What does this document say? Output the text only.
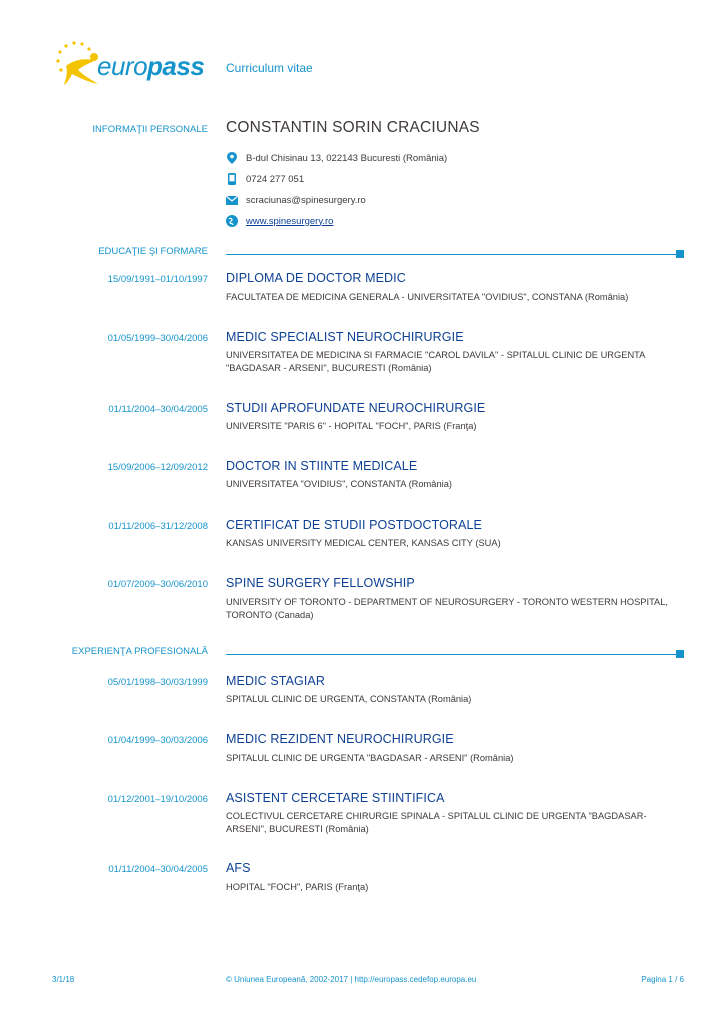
europass Curriculum vitae
INFORMAŢII PERSONALE CONSTANTIN SORIN CRACIUNAS
B-dul Chisinau 13, 022143 Bucuresti (România)
0724 277 051
scraciunas@spinesurgery.ro
www.spinesurgery.ro
EDUCAŢIE ŞI FORMARE
15/09/1991–01/10/1997 DIPLOMA DE DOCTOR MEDIC
FACULTATEA DE MEDICINA GENERALA - UNIVERSITATEA "OVIDIUS", CONSTANA (România)
01/05/1999–30/04/2006 MEDIC SPECIALIST NEUROCHIRURGIE
UNIVERSITATEA DE MEDICINA SI FARMACIE "CAROL DAVILA" - SPITALUL CLINIC DE URGENTA "BAGDASAR - ARSENI", BUCURESTI (România)
01/11/2004–30/04/2005 STUDII APROFUNDATE NEUROCHIRURGIE
UNIVERSITE "PARIS 6" - HOPITAL "FOCH", PARIS (Franţa)
15/09/2006–12/09/2012 DOCTOR IN STIINTE MEDICALE
UNIVERSITATEA "OVIDIUS", CONSTANTA (România)
01/11/2006–31/12/2008 CERTIFICAT DE STUDII POSTDOCTORALE
KANSAS UNIVERSITY MEDICAL CENTER, KANSAS CITY (SUA)
01/07/2009–30/06/2010 SPINE SURGERY FELLOWSHIP
UNIVERSITY OF TORONTO - DEPARTMENT OF NEUROSURGERY - TORONTO WESTERN HOSPITAL, TORONTO (Canada)
EXPERIENŢA PROFESIONALĂ
05/01/1998–30/03/1999 MEDIC STAGIAR
SPITALUL CLINIC DE URGENTA, CONSTANTA (România)
01/04/1999–30/03/2006 MEDIC REZIDENT NEUROCHIRURGIE
SPITALUL CLINIC DE URGENTA "BAGDASAR - ARSENI" (România)
01/12/2001–19/10/2006 ASISTENT CERCETARE STIINTIFICA
COLECTIVUL CERCETARE CHIRURGIE SPINALA - SPITALUL CLINIC DE URGENTA "BAGDASAR-ARSENI", BUCURESTI (România)
01/11/2004–30/04/2005 AFS
HOPITAL "FOCH", PARIS (Franţa)
3/1/18	© Uniunea Europeană, 2002-2017 | http://europass.cedefop.europa.eu	Pagina 1 / 6
